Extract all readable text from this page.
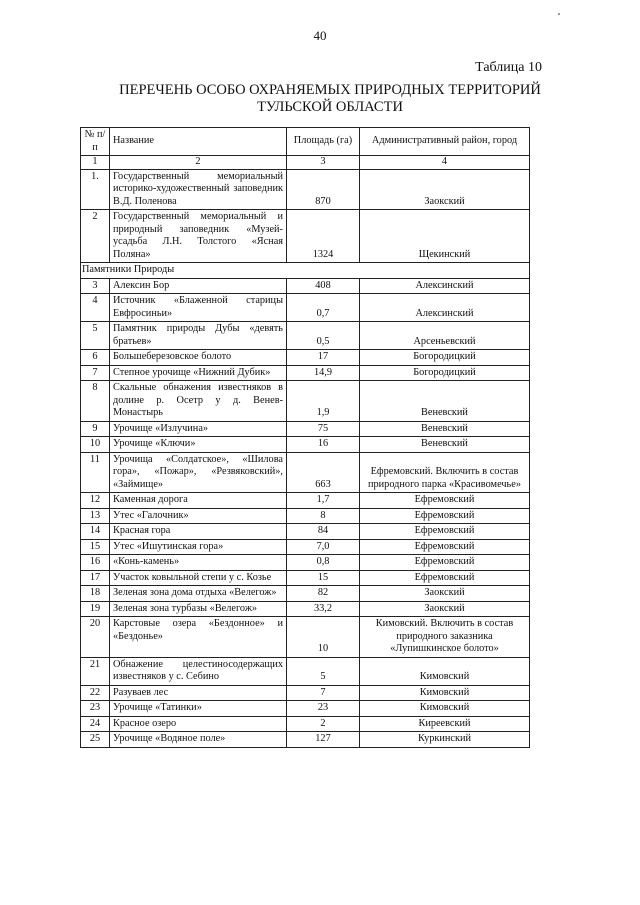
40
Таблица 10
ПЕРЕЧЕНЬ ОСОБО ОХРАНЯЕМЫХ ПРИРОДНЫХ ТЕРРИТОРИЙ
ТУЛЬСКОЙ ОБЛАСТИ
№ п/п	Название	Площадь (га)	Административный район, город
1	2	3	4
1.	Государственный мемориальный историко-художественный заповедник В.Д. Поленова	870	Заокский
2	Государственный мемориальный и природный заповедник «Музей-усадьба Л.Н. Толстого «Ясная Поляна»	1324	Щекинский
Памятники Природы			
3	Алексин Бор	408	Алексинский
4	Источник «Блаженной старицы Евфросиньи»	0,7	Алексинский
5	Памятник природы Дубы «девять братьев»	0,5	Арсеньевский
6	Большеберезовское болото	17	Богородицкий
7	Степное урочище «Нижний Дубик»	14,9	Богородицкий
8	Скальные обнажения известняков в долине р. Осетр у д. Венев-Монастырь	1,9	Веневский
9	Урочище «Излучина»	75	Веневский
10	Урочище «Ключи»	16	Веневский
11	Урочища «Солдатское», «Шилова гора», «Пожар», «Резвяковский», «Займище»	663	Ефремовский. Включить в состав природного парка «Красивомечье»
12	Каменная дорога	1,7	Ефремовский
13	Утес «Галочник»	8	Ефремовский
14	Красная гора	84	Ефремовский
15	Утес «Ишутинская гора»	7,0	Ефремовский
16	«Конь-камень»	0,8	Ефремовский
17	Участок ковыльной степи у с. Козье	15	Ефремовский
18	Зеленая зона дома отдыха «Велегож»	82	Заокский
19	Зеленая зона турбазы «Велегож»	33,2	Заокский
20	Карстовые озера «Бездонное» и «Бездонье»	10	Кимовский. Включить в состав природного заказника «Лупишкинское болото»
21	Обнажение целестиносодержащих известняков у с. Себино	5	Кимовский
22	Разуваев лес	7	Кимовский
23	Урочище «Татинки»	23	Кимовский
24	Красное озеро	2	Киреевский
25	Урочище «Водяное поле»	127	Куркинский
